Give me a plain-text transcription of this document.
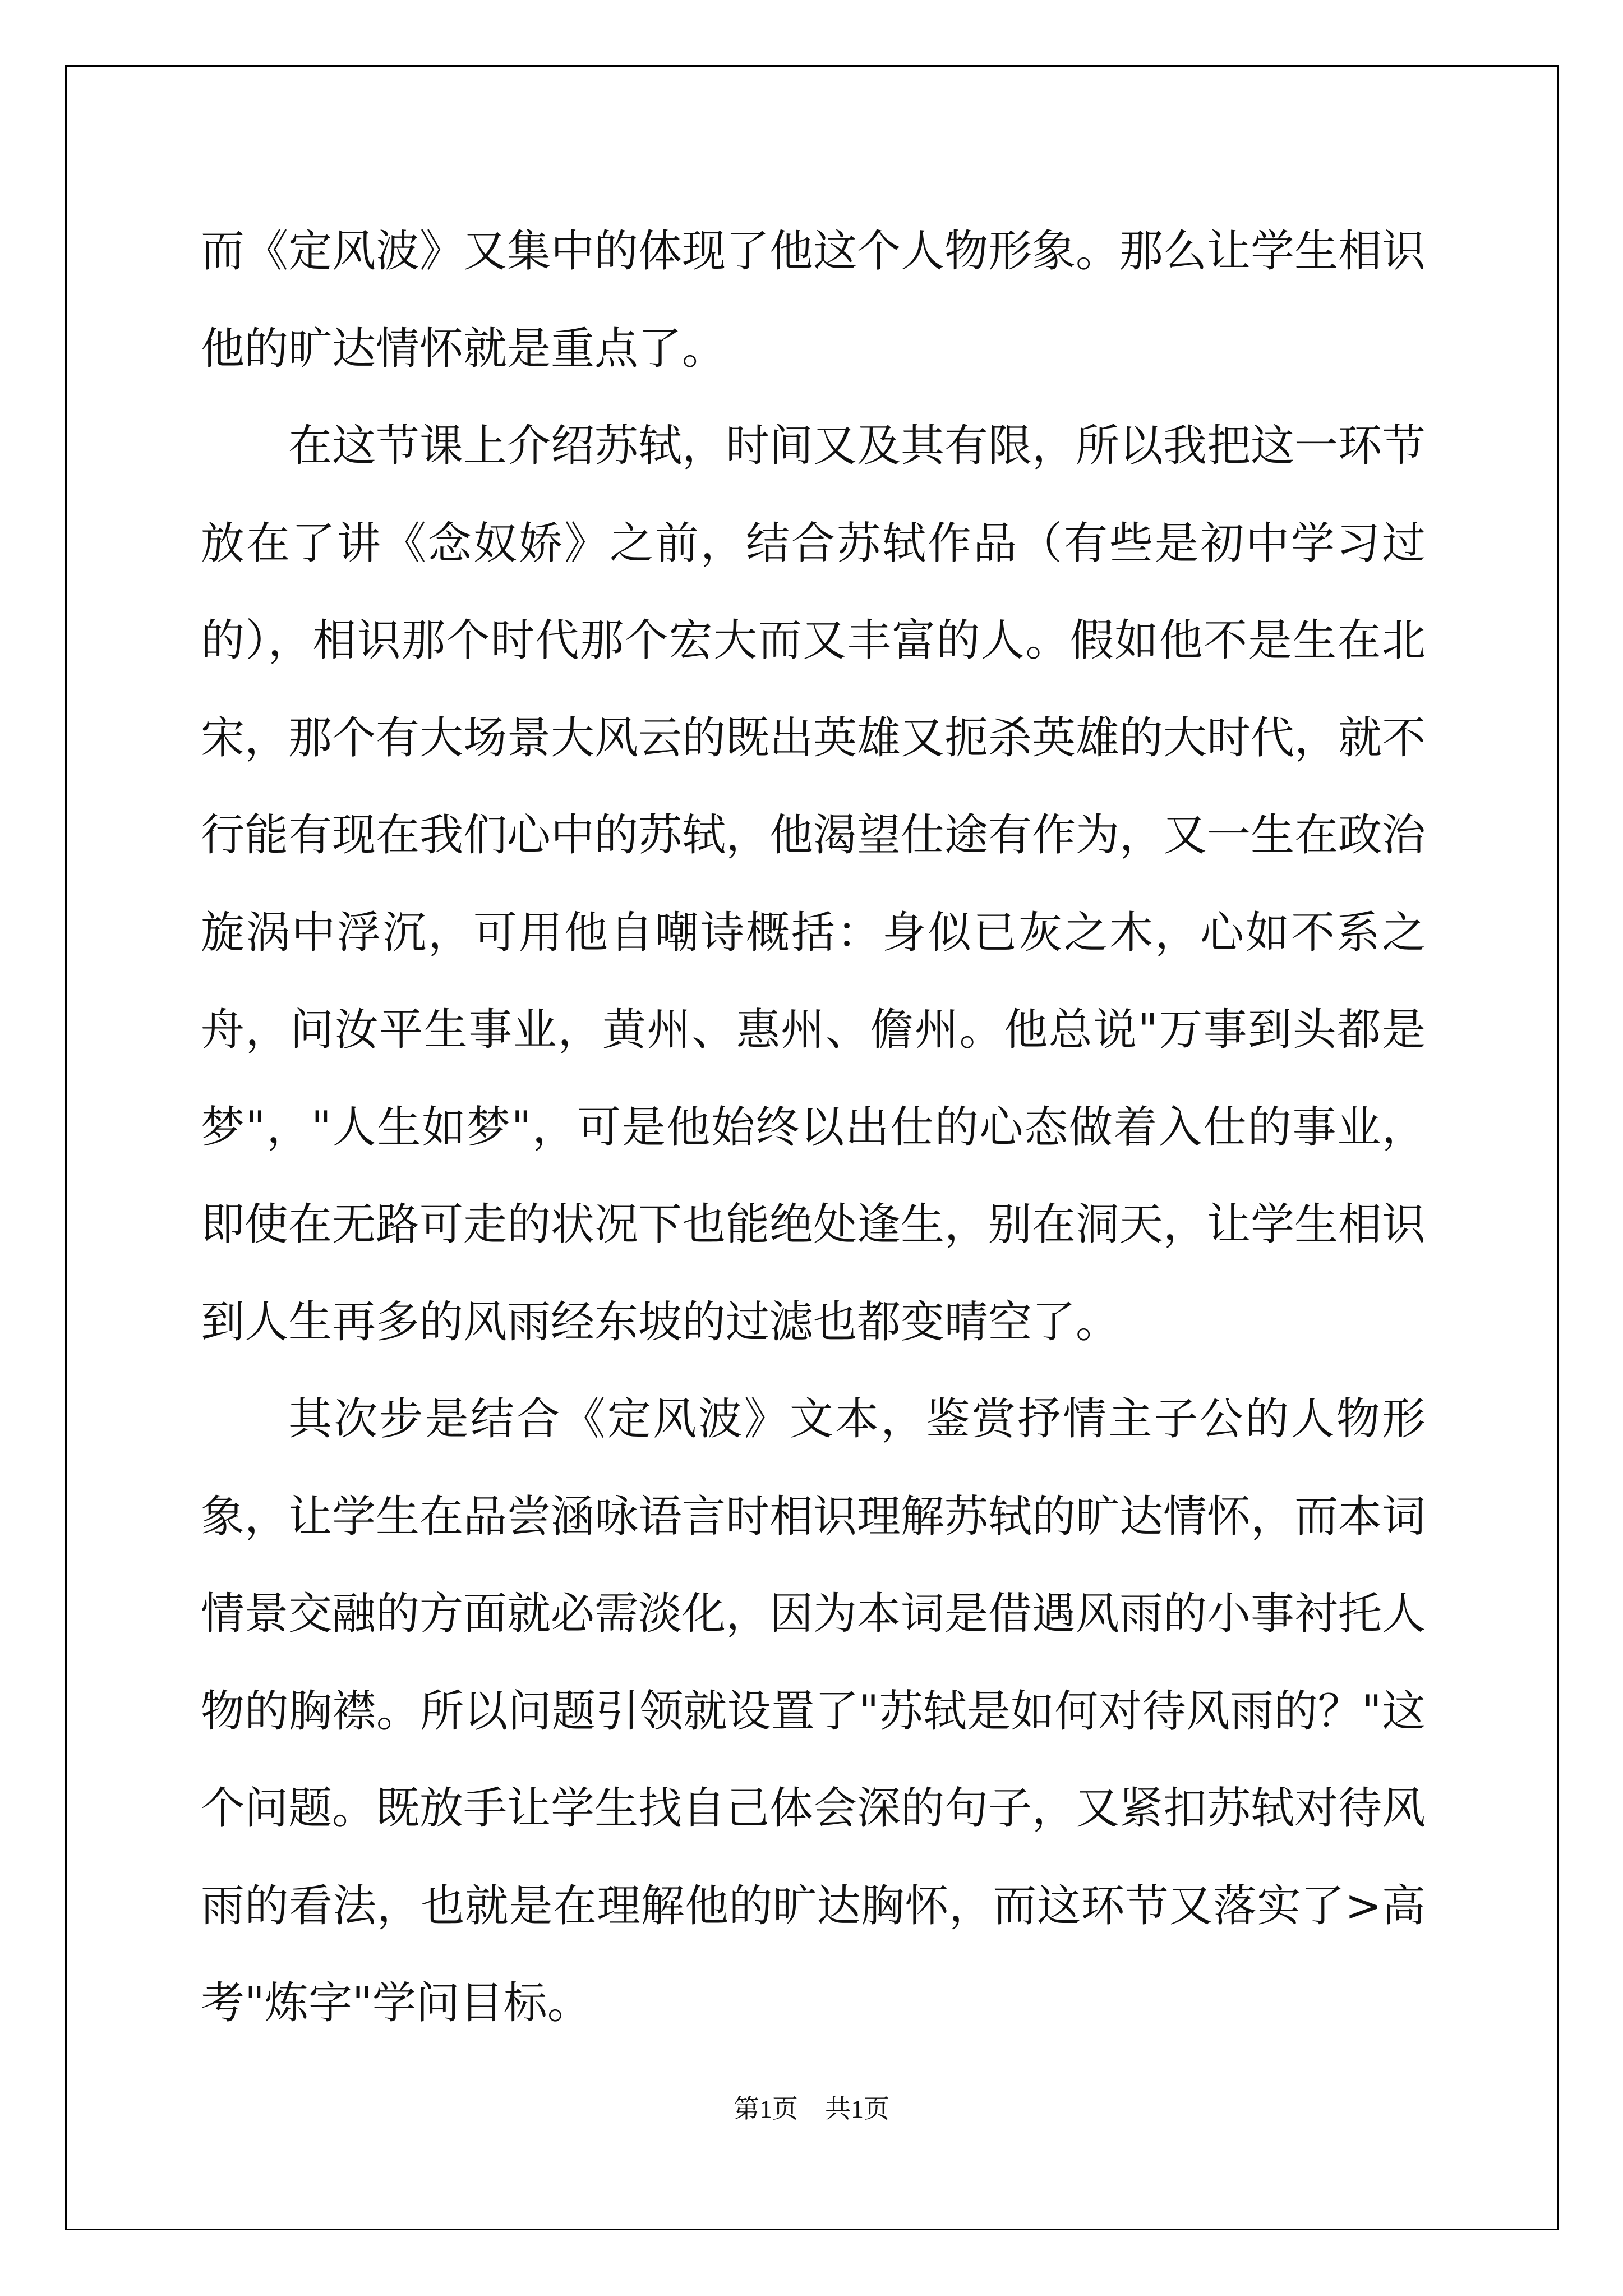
而《定风波》又集中的体现了他这个人物形象。那么让学生相识他的旷达情怀就是重点了。

在这节课上介绍苏轼，时间又及其有限，所以我把这一环节放在了讲《念奴娇》之前，结合苏轼作品（有些是初中学习过的），相识那个时代那个宏大而又丰富的人。假如他不是生在北宋，那个有大场景大风云的既出英雄又扼杀英雄的大时代，就不行能有现在我们心中的苏轼，他渴望仕途有作为，又一生在政治旋涡中浮沉，可用他自嘲诗概括：身似已灰之木，心如不系之舟，问汝平生事业，黄州、惠州、儋州。他总说"万事到头都是梦"，"人生如梦"，可是他始终以出仕的心态做着入仕的事业，即使在无路可走的状况下也能绝处逢生，别在洞天，让学生相识到人生再多的风雨经东坡的过滤也都变晴空了。

其次步是结合《定风波》文本，鉴赏抒情主子公的人物形象，让学生在品尝涵咏语言时相识理解苏轼的旷达情怀，而本词情景交融的方面就必需淡化，因为本词是借遇风雨的小事衬托人物的胸襟。所以问题引领就设置了"苏轼是如何对待风雨的？"这个问题。既放手让学生找自己体会深的句子，又紧扣苏轼对待风雨的看法，也就是在理解他的旷达胸怀，而这环节又落实了>高考"炼字"学问目标。

第1页 共1页
